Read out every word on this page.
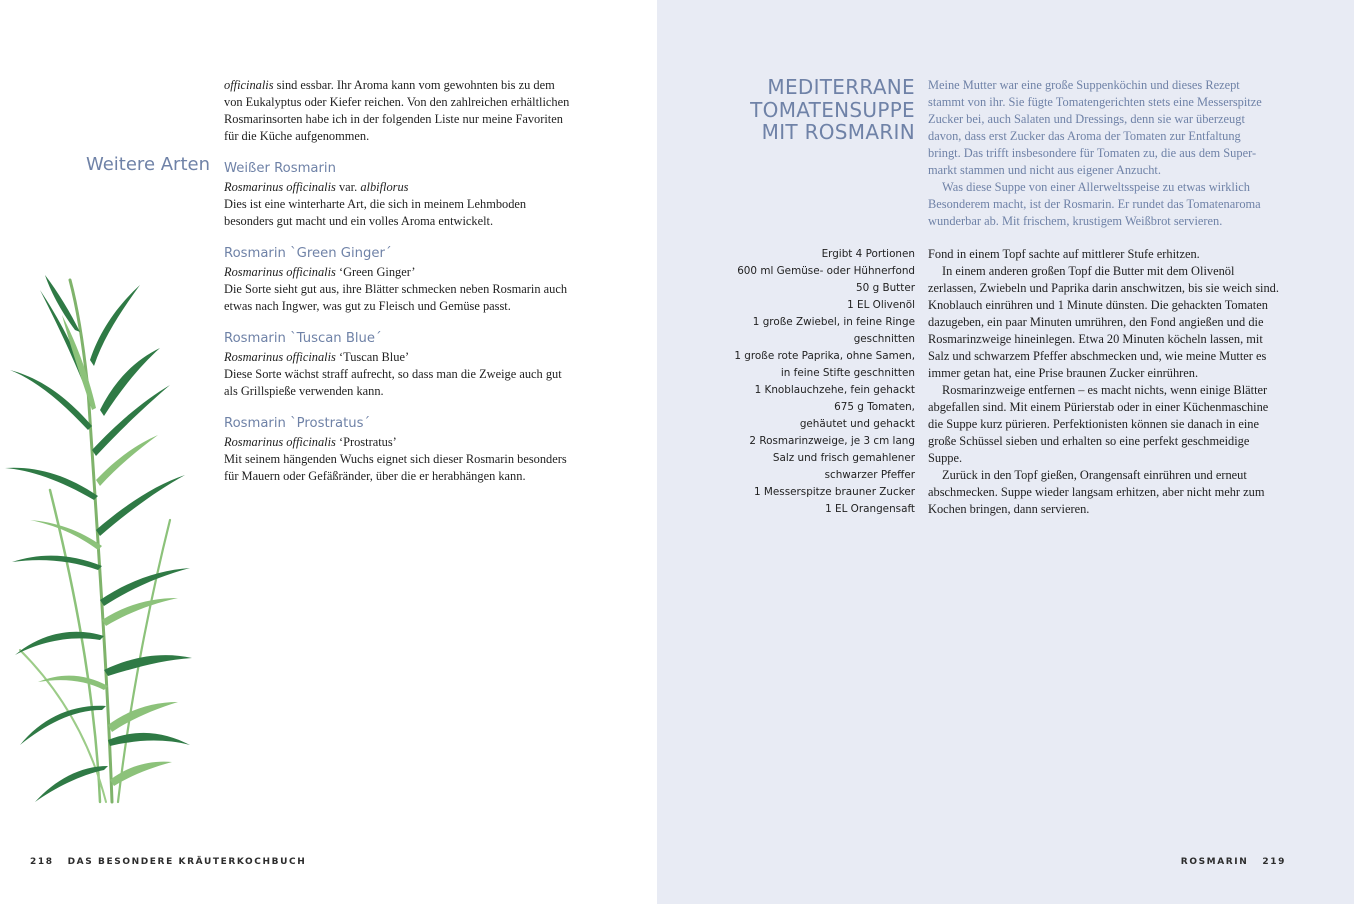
officinalis sind essbar. Ihr Aroma kann vom gewohnten bis zu dem
von Eukalyptus oder Kiefer reichen. Von den zahlreichen erhältlichen
Rosmarinsorten habe ich in der folgenden Liste nur meine Favoriten
für die Küche aufgenommen.
Weitere Arten Weißer Rosmarin
Rosmarinus officinalis var. albiflorus
Dies ist eine winterharte Art, die sich in meinem Lehmboden
besonders gut macht und ein volles Aroma entwickelt.
Rosmarin `Green Ginger´
Rosmarinus officinalis ‘Green Ginger’
Die Sorte sieht gut aus, ihre Blätter schmecken neben Rosmarin auch
etwas nach Ingwer, was gut zu Fleisch und Gemüse passt.
Rosmarin `Tuscan Blue´
Rosmarinus officinalis ‘Tuscan Blue’
Diese Sorte wächst straff aufrecht, so dass man die Zweige auch gut
als Grillspieße verwenden kann.
Rosmarin `Prostratus´
Rosmarinus officinalis ‘Prostratus’
Mit seinem hängenden Wuchs eignet sich dieser Rosmarin besonders
für Mauern oder Gefäßränder, über die er herabhängen kann.
218 DAS BESONDERE KRÄUTERKOCHBUCH
MEDITERRANE
TOMATENSUPPE
MIT ROSMARIN

Meine Mutter war eine große Suppenköchin und dieses Rezept
stammt von ihr. Sie fügte Tomatengerichten stets eine Messerspitze
Zucker bei, auch Salaten und Dressings, denn sie war überzeugt
davon, dass erst Zucker das Aroma der Tomaten zur Entfaltung
bringt. Das trifft insbesondere für Tomaten zu, die aus dem Super-
markt stammen und nicht aus eigener Anzucht.

Was diese Suppe von einer Allerweltsspeise zu etwas wirklich
Besonderem macht, ist der Rosmarin. Er rundet das Tomatenaroma
wunderbar ab. Mit frischem, krustigem Weißbrot servieren.

Ergibt 4 Portionen
600 ml Gemüse- oder Hühnerfond
50 g Butter
1 EL Olivenöl
1 große Zwiebel, in feine Ringe
geschnitten
1 große rote Paprika, ohne Samen,
in feine Stifte geschnitten
1 Knoblauchzehe, fein gehackt
675 g Tomaten,
gehäutet und gehackt
2 Rosmarinzweige, je 3 cm lang
Salz und frisch gemahlener
schwarzer Pfeffer
1 Messerspitze brauner Zucker
1 EL Orangensaft

Fond in einem Topf sachte auf mittlerer Stufe erhitzen.

In einem anderen großen Topf die Butter mit dem Olivenöl
zerlassen, Zwiebeln und Paprika darin anschwitzen, bis sie weich sind.
Knoblauch einrühren und 1 Minute dünsten. Die gehackten Tomaten
dazugeben, ein paar Minuten umrühren, den Fond angießen und die
Rosmarinzweige hineinlegen. Etwa 20 Minuten köcheln lassen, mit
Salz und schwarzem Pfeffer abschmecken und, wie meine Mutter es
immer getan hat, eine Prise braunen Zucker einrühren.

Rosmarinzweige entfernen – es macht nichts, wenn einige Blätter
abgefallen sind. Mit einem Pürierstab oder in einer Küchenmaschine
die Suppe kurz pürieren. Perfektionisten können sie danach in eine
große Schüssel sieben und erhalten so eine perfekt geschmeidige
Suppe.

Zurück in den Topf gießen, Orangensaft einrühren und erneut
abschmecken. Suppe wieder langsam erhitzen, aber nicht mehr zum
Kochen bringen, dann servieren.

ROSMARIN 219
